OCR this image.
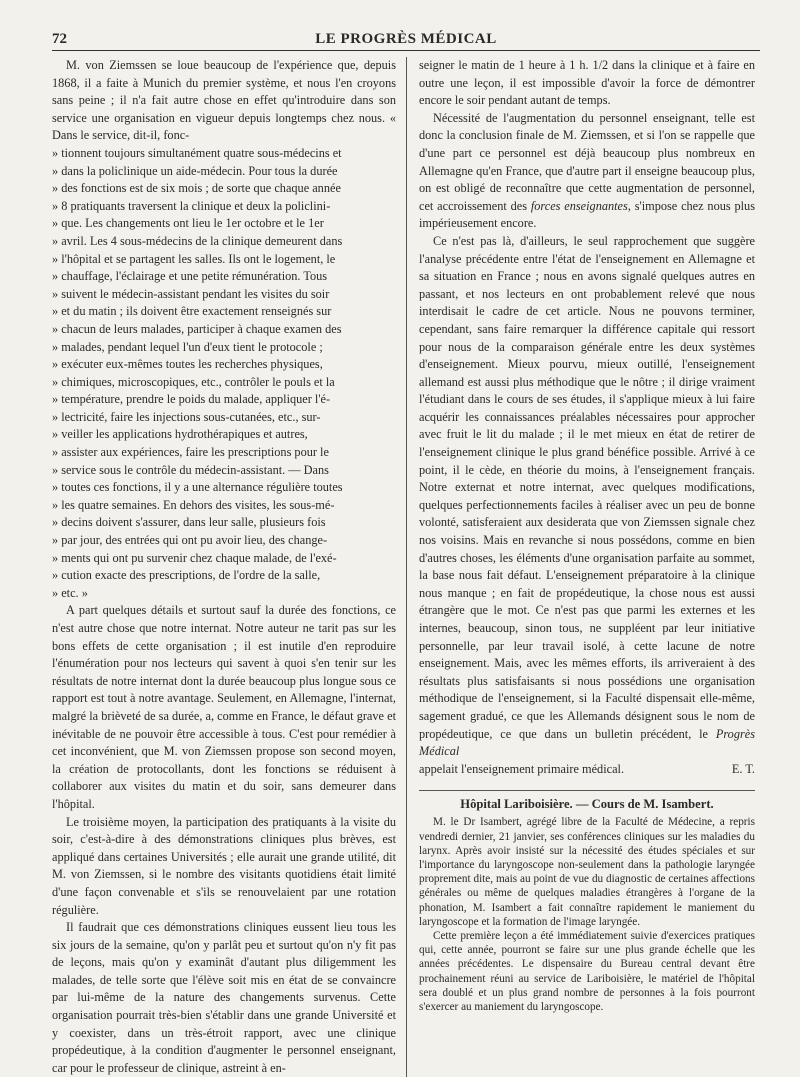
72	LE PROGRÈS MÉDICAL

M. von Ziemssen se loue beaucoup de l'expérience que, depuis 1868, il a faite à Munich du premier système, et nous l'en croyons sans peine ; il n'a fait autre chose en effet qu'introduire dans son service une organisation en vigueur depuis longtemps chez nous. « Dans le service, dit-il, fonc-

» tionnent toujours simultanément quatre sous-médecins et

» dans la policlinique un aide-médecin. Pour tous la durée

» des fonctions est de six mois ; de sorte que chaque année

» 8 pratiquants traversent la clinique et deux la policlini-

» que. Les changements ont lieu le 1er octobre et le 1er

» avril. Les 4 sous-médecins de la clinique demeurent dans

» l'hôpital et se partagent les salles. Ils ont le logement, le

» chauffage, l'éclairage et une petite rémunération. Tous

» suivent le médecin-assistant pendant les visites du soir

» et du matin ; ils doivent être exactement renseignés sur

» chacun de leurs malades, participer à chaque examen des

» malades, pendant lequel l'un d'eux tient le protocole ;

» exécuter eux-mêmes toutes les recherches physiques,

» chimiques, microscopiques, etc., contrôler le pouls et la

» température, prendre le poids du malade, appliquer l'é-

» lectricité, faire les injections sous-cutanées, etc., sur-

» veiller les applications hydrothérapiques et autres,

» assister aux expériences, faire les prescriptions pour le

» service sous le contrôle du médecin-assistant. — Dans

» toutes ces fonctions, il y a une alternance régulière toutes

» les quatre semaines. En dehors des visites, les sous-mé-

» decins doivent s'assurer, dans leur salle, plusieurs fois

» par jour, des entrées qui ont pu avoir lieu, des change-

» ments qui ont pu survenir chez chaque malade, de l'exé-

» cution exacte des prescriptions, de l'ordre de la salle,

» etc. »

A part quelques détails et surtout sauf la durée des fonctions, ce n'est autre chose que notre internat. Notre auteur ne tarit pas sur les bons effets de cette organisation ; il est inutile d'en reproduire l'énumération pour nos lecteurs qui savent à quoi s'en tenir sur les résultats de notre internat dont la durée beaucoup plus longue sous ce rapport est tout à notre avantage. Seulement, en Allemagne, l'internat, malgré la brièveté de sa durée, a, comme en France, le défaut grave et inévitable de ne pouvoir être accessible à tous. C'est pour remédier à cet inconvénient, que M. von Ziemssen propose son second moyen, la création de protocollants, dont les fonctions se réduisent à collaborer aux visites du matin et du soir, sans demeurer dans l'hôpital.

Le troisième moyen, la participation des pratiquants à la visite du soir, c'est-à-dire à des démonstrations cliniques plus brèves, est appliqué dans certaines Universités ; elle aurait une grande utilité, dit M. von Ziemssen, si le nombre des visitants quotidiens était limité d'une façon convenable et s'ils se renouvelaient par une rotation régulière.

Il faudrait que ces démonstrations cliniques eussent lieu tous les six jours de la semaine, qu'on y parlât peu et surtout qu'on n'y fit pas de leçons, mais qu'on y examinât d'autant plus diligemment les malades, de telle sorte que l'élève soit mis en état de se convaincre par lui-même de la nature des changements survenus. Cette organisation pourrait très-bien s'établir dans une grande Université et y coexister, dans un très-étroit rapport, avec une clinique propédeutique, à la condition d'augmenter le personnel enseignant, car pour le professeur de clinique, astreint à en-

seigner le matin de 1 heure à 1 h. 1/2 dans la clinique et à faire en outre une leçon, il est impossible d'avoir la force de démontrer encore le soir pendant autant de temps.

Nécessité de l'augmentation du personnel enseignant, telle est donc la conclusion finale de M. Ziemssen, et si l'on se rappelle que d'une part ce personnel est déjà beaucoup plus nombreux en Allemagne qu'en France, que d'autre part il enseigne beaucoup plus, on est obligé de reconnaître que cette augmentation de personnel, cet accroissement des forces enseignantes, s'impose chez nous plus impérieusement encore.

Ce n'est pas là, d'ailleurs, le seul rapprochement que suggère l'analyse précédente entre l'état de l'enseignement en Allemagne et sa situation en France ; nous en avons signalé quelques autres en passant, et nos lecteurs en ont probablement relevé que nous interdisait le cadre de cet article. Nous ne pouvons terminer, cependant, sans faire remarquer la différence capitale qui ressort pour nous de la comparaison générale entre les deux systèmes d'enseignement. Mieux pourvu, mieux outillé, l'enseignement allemand est aussi plus méthodique que le nôtre ; il dirige vraiment l'étudiant dans le cours de ses études, il s'applique mieux à lui faire acquérir les connaissances préalables nécessaires pour approcher avec fruit le lit du malade ; il le met mieux en état de retirer de l'enseignement clinique le plus grand bénéfice possible. Arrivé à ce point, il le cède, en théorie du moins, à l'enseignement français. Notre externat et notre internat, avec quelques modifications, quelques perfectionnements faciles à réaliser avec un peu de bonne volonté, satisferaient aux desiderata que von Ziemssen signale chez nos voisins. Mais en revanche si nous possédons, comme en bien d'autres choses, les éléments d'une organisation parfaite au sommet, la base nous fait défaut. L'enseignement préparatoire à la clinique nous manque ; en fait de propédeutique, la chose nous est aussi étrangère que le mot. Ce n'est pas que parmi les externes et les internes, beaucoup, sinon tous, ne suppléent par leur initiative personnelle, par leur travail isolé, à cette lacune de notre enseignement. Mais, avec les mêmes efforts, ils arriveraient à des résultats plus satisfaisants si nous possédions une organisation méthodique de l'enseignement, si la Faculté dispensait elle-même, sagement gradué, ce que les Allemands désignent sous le nom de propédeutique, ce que dans un bulletin précédent, le Progrès Médical

appelait l'enseignement primaire médical.	E. T.

Hôpital Lariboisière. — Cours de M. Isambert.

M. le Dr Isambert, agrégé libre de la Faculté de Médecine, a repris vendredi dernier, 21 janvier, ses conférences cliniques sur les maladies du larynx. Après avoir insisté sur la nécessité des études spéciales et sur l'importance du laryngoscope non-seulement dans la pathologie laryngée proprement dite, mais au point de vue du diagnostic de certaines affections générales ou même de quelques maladies étrangères à l'organe de la phonation, M. Isambert a fait connaître rapidement le maniement du laryngoscope et la formation de l'image laryngée.

Cette première leçon a été immédiatement suivie d'exercices pratiques qui, cette année, pourront se faire sur une plus grande échelle que les années précédentes. Le dispensaire du Bureau central devant être prochainement réuni au service de Lariboisière, le matériel de l'hôpital sera doublé et un plus grand nombre de personnes à la fois pourront s'exercer au maniement du laryngoscope.
